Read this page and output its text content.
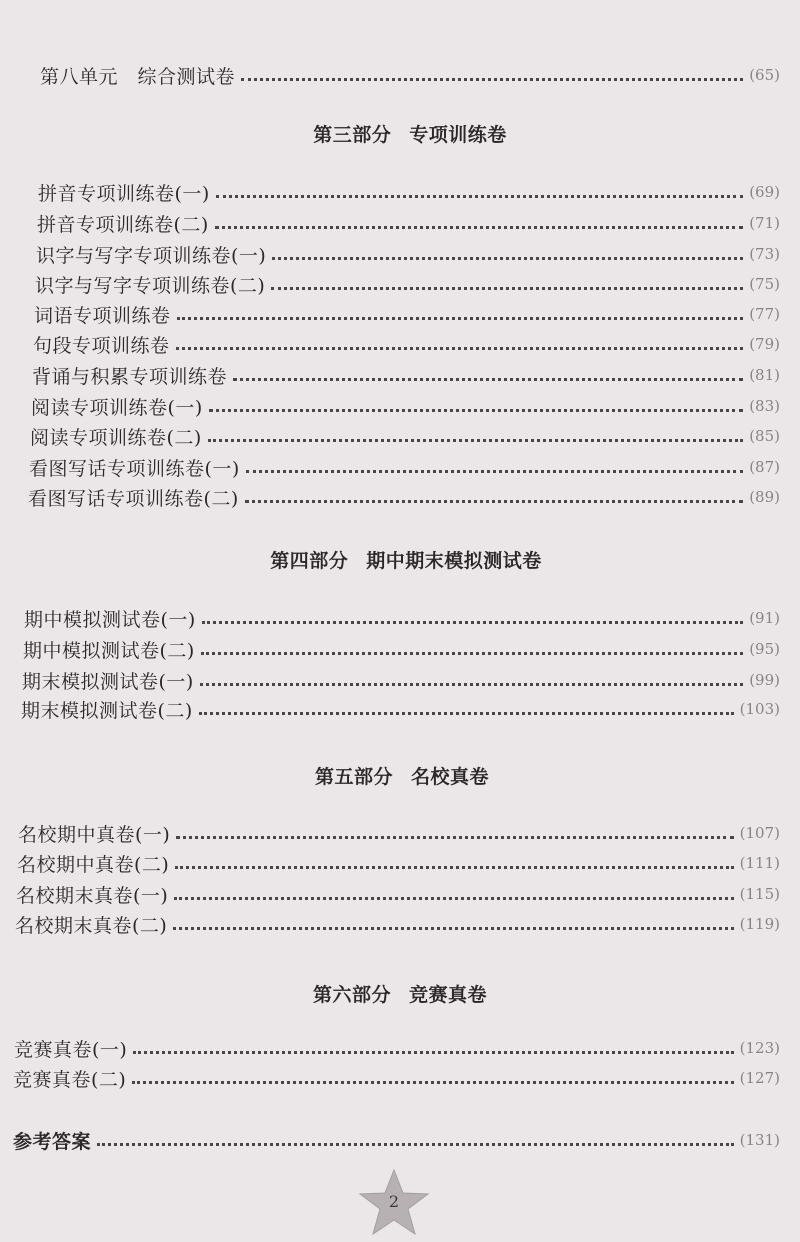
第八单元　综合测试卷	(65)
第三部分 专项训练卷
拼音专项训练卷(一)	(69)
拼音专项训练卷(二)	(71)
识字与写字专项训练卷(一)	(73)
识字与写字专项训练卷(二)	(75)
词语专项训练卷	(77)
句段专项训练卷	(79)
背诵与积累专项训练卷	(81)
阅读专项训练卷(一)	(83)
阅读专项训练卷(二)	(85)
看图写话专项训练卷(一)	(87)
看图写话专项训练卷(二)	(89)
第四部分 期中期末模拟测试卷
期中模拟测试卷(一)	(91)
期中模拟测试卷(二)	(95)
期末模拟测试卷(一)	(99)
期末模拟测试卷(二)	(103)
第五部分 名校真卷
名校期中真卷(一)	(107)
名校期中真卷(二)	(111)
名校期末真卷(一)	(115)
名校期末真卷(二)	(119)
第六部分 竞赛真卷
竞赛真卷(一)	(123)
竞赛真卷(二)	(127)
参考答案	(131)
2
